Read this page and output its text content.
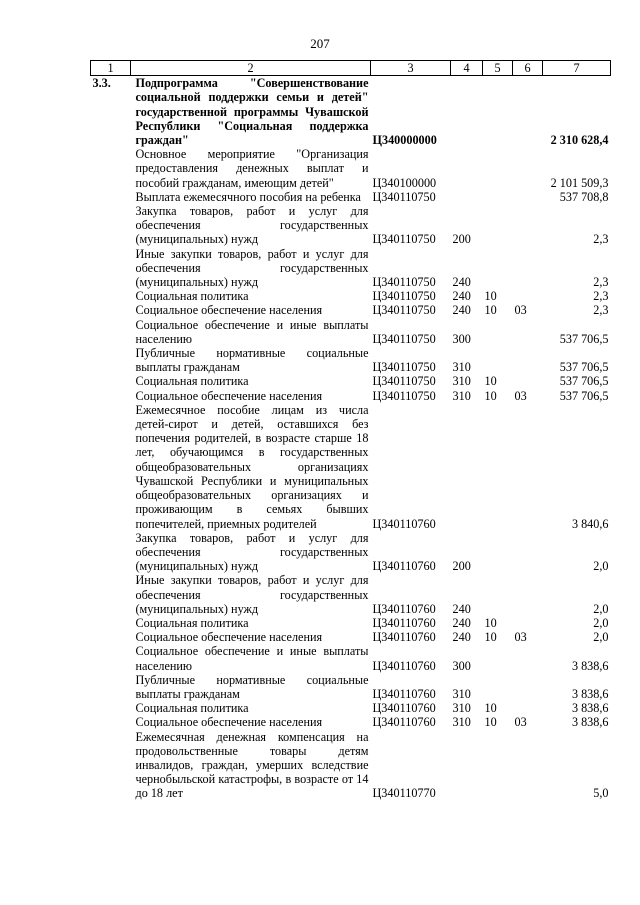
207
1	2	3	4	5	6	7
3.3.	Подпрограмма "Совершенствование социальной поддержки семьи и детей" государственной программы Чувашской Республики "Социальная поддержка граждан"	Ц340000000				2 310 628,4
	Основное мероприятие "Организация предоставления денежных выплат и пособий гражданам, имеющим детей"	Ц340100000				2 101 509,3
	Выплата ежемесячного пособия на ребенка	Ц340110750				537 708,8
	Закупка товаров, работ и услуг для обеспечения государственных (муниципальных) нужд	Ц340110750	200			2,3
	Иные закупки товаров, работ и услуг для обеспечения государственных (муниципальных) нужд	Ц340110750	240			2,3
	Социальная политика	Ц340110750	240	10		2,3
	Социальное обеспечение населения	Ц340110750	240	10	03	2,3
	Социальное обеспечение и иные выплаты населению	Ц340110750	300			537 706,5
	Публичные нормативные социальные выплаты гражданам	Ц340110750	310			537 706,5
	Социальная политика	Ц340110750	310	10		537 706,5
	Социальное обеспечение населения	Ц340110750	310	10	03	537 706,5
	Ежемесячное пособие лицам из числа детей-сирот и детей, оставшихся без попечения родителей, в возрасте старше 18 лет, обучающимся в государственных общеобразовательных организациях Чувашской Республики и муниципальных общеобразовательных организациях и проживающим в семьях бывших попечителей, приемных родителей	Ц340110760				3 840,6
	Закупка товаров, работ и услуг для обеспечения государственных (муниципальных) нужд	Ц340110760	200			2,0
	Иные закупки товаров, работ и услуг для обеспечения государственных (муниципальных) нужд	Ц340110760	240			2,0
	Социальная политика	Ц340110760	240	10		2,0
	Социальное обеспечение населения	Ц340110760	240	10	03	2,0
	Социальное обеспечение и иные выплаты населению	Ц340110760	300			3 838,6
	Публичные нормативные социальные выплаты гражданам	Ц340110760	310			3 838,6
	Социальная политика	Ц340110760	310	10		3 838,6
	Социальное обеспечение населения	Ц340110760	310	10	03	3 838,6
	Ежемесячная денежная компенсация на продовольственные товары детям инвалидов, граждан, умерших вследствие чернобыльской катастрофы, в возрасте от 14 до 18 лет	Ц340110770				5,0
